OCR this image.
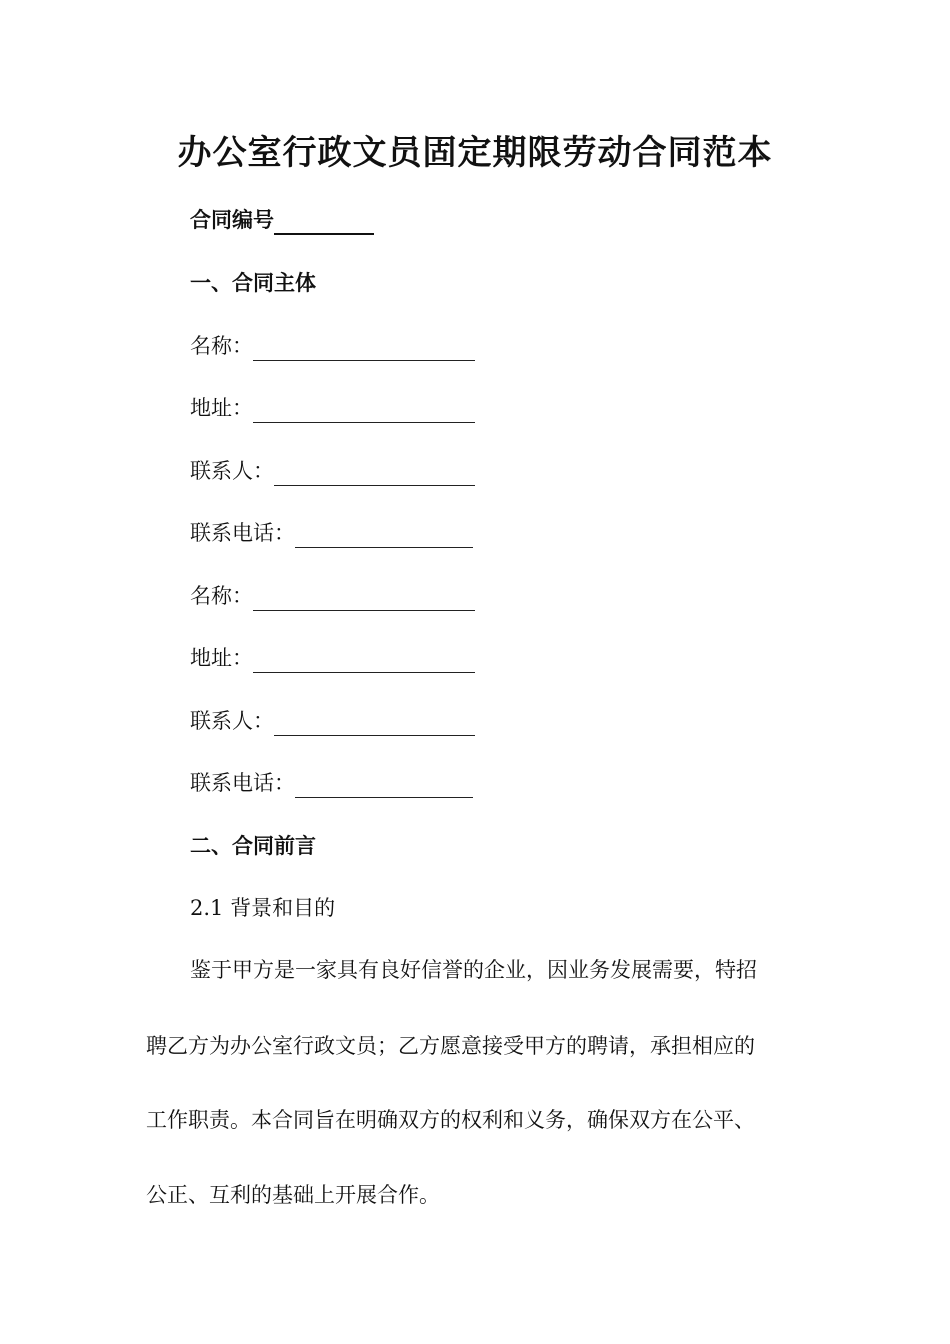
办公室行政文员固定期限劳动合同范本
合同编号
一、合同主体
名称：
地址：
联系人：
联系电话：
名称：
地址：
联系人：
联系电话：
二、合同前言
2.1 背景和目的
鉴于甲方是一家具有良好信誉的企业，因业务发展需要，特招
聘乙方为办公室行政文员；乙方愿意接受甲方的聘请，承担相应的
工作职责。本合同旨在明确双方的权利和义务，确保双方在公平、
公正、互利的基础上开展合作。
